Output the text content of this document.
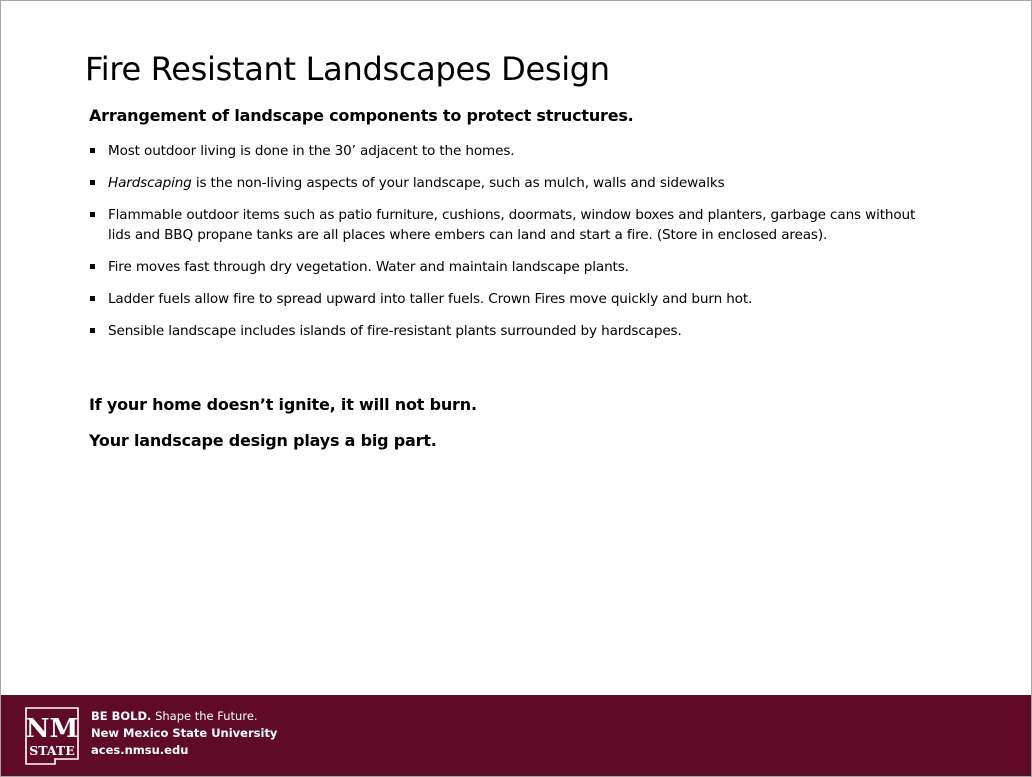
Fire Resistant Landscapes Design

Arrangement of landscape components to protect structures.

Most outdoor living is done in the 30’ adjacent to the homes.
Hardscaping is the non-living aspects of your landscape, such as mulch, walls and sidewalks
Flammable outdoor items such as patio furniture, cushions, doormats, window boxes and planters, garbage cans without lids and BBQ propane tanks are all places where embers can land and start a fire. (Store in enclosed areas).
Fire moves fast through dry vegetation. Water and maintain landscape plants.
Ladder fuels allow fire to spread upward into taller fuels. Crown Fires move quickly and burn hot.
Sensible landscape includes islands of fire-resistant plants surrounded by hardscapes.

If your home doesn’t ignite, it will not burn.

Your landscape design plays a big part.

NM
STATE
BE BOLD. Shape the Future.
New Mexico State University
aces.nmsu.edu
